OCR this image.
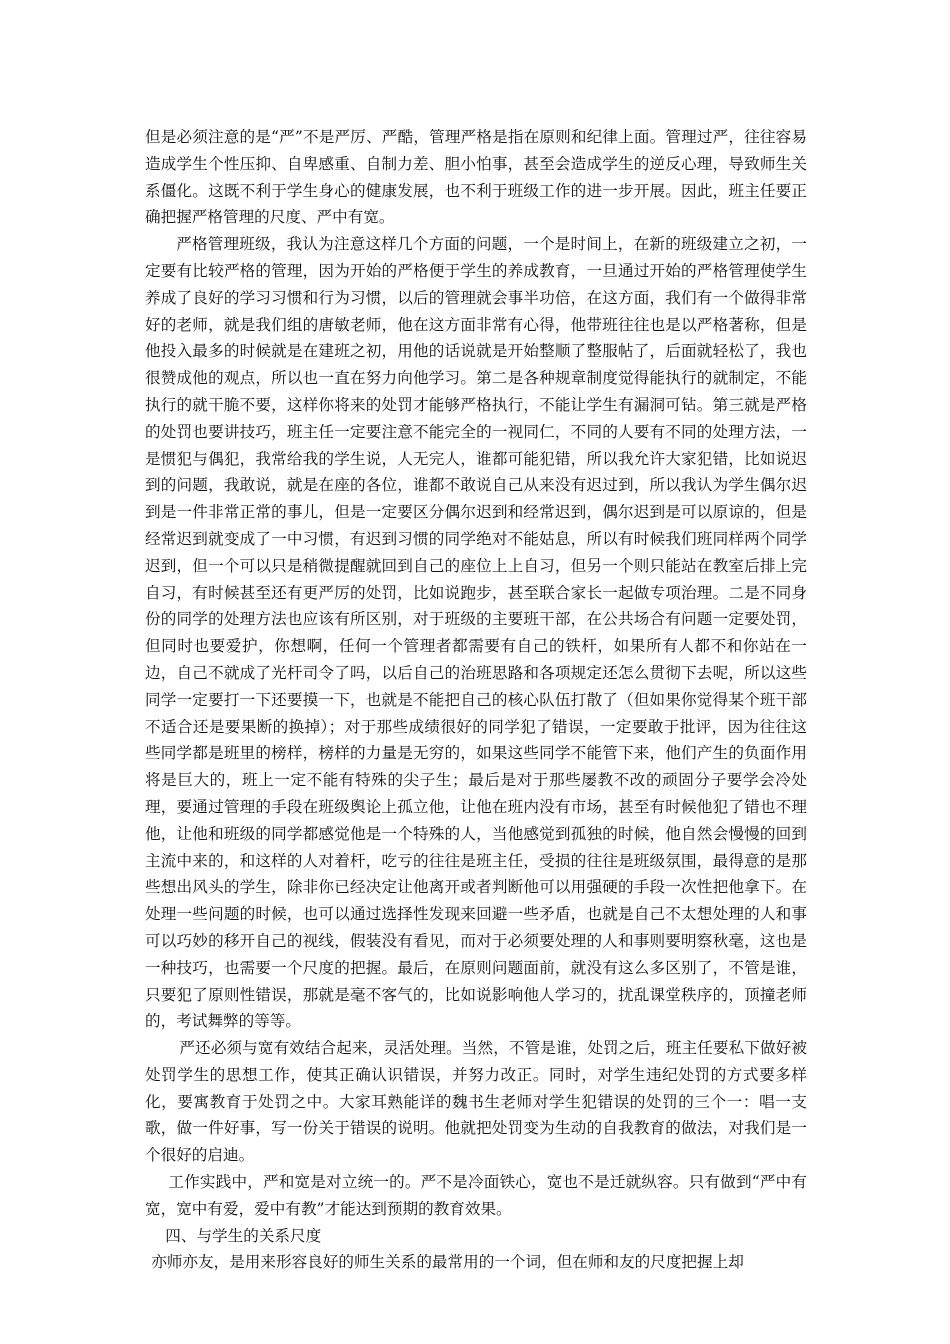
但是必须注意的是“严”不是严厉、严酷，管理严格是指在原则和纪律上面。管理过严，往往容易造成学生个性压抑、自卑感重、自制力差、胆小怕事，甚至会造成学生的逆反心理，导致师生关系僵化。这既不利于学生身心的健康发展，也不利于班级工作的进一步开展。因此，班主任要正确把握严格管理的尺度、严中有宽。

严格管理班级，我认为注意这样几个方面的问题，一个是时间上，在新的班级建立之初，一定要有比较严格的管理，因为开始的严格便于学生的养成教育，一旦通过开始的严格管理使学生养成了良好的学习习惯和行为习惯，以后的管理就会事半功倍，在这方面，我们有一个做得非常好的老师，就是我们组的唐敏老师，他在这方面非常有心得，他带班往往也是以严格著称，但是他投入最多的时候就是在建班之初，用他的话说就是开始整顺了整服帖了，后面就轻松了，我也很赞成他的观点，所以也一直在努力向他学习。第二是各种规章制度觉得能执行的就制定，不能执行的就干脆不要，这样你将来的处罚才能够严格执行，不能让学生有漏洞可钻。第三就是严格的处罚也要讲技巧，班主任一定要注意不能完全的一视同仁，不同的人要有不同的处理方法，一是惯犯与偶犯，我常给我的学生说，人无完人，谁都可能犯错，所以我允许大家犯错，比如说迟到的问题，我敢说，就是在座的各位，谁都不敢说自己从来没有迟过到，所以我认为学生偶尔迟到是一件非常正常的事儿，但是一定要区分偶尔迟到和经常迟到，偶尔迟到是可以原谅的，但是经常迟到就变成了一中习惯，有迟到习惯的同学绝对不能姑息，所以有时候我们班同样两个同学迟到，但一个可以只是稍微提醒就回到自己的座位上上自习，但另一个则只能站在教室后排上完自习，有时候甚至还有更严厉的处罚，比如说跑步，甚至联合家长一起做专项治理。二是不同身份的同学的处理方法也应该有所区别，对于班级的主要班干部，在公共场合有问题一定要处罚，但同时也要爱护，你想啊，任何一个管理者都需要有自己的铁杆，如果所有人都不和你站在一边，自己不就成了光杆司令了吗，以后自己的治班思路和各项规定还怎么贯彻下去呢，所以这些同学一定要打一下还要摸一下，也就是不能把自己的核心队伍打散了（但如果你觉得某个班干部不适合还是要果断的换掉）；对于那些成绩很好的同学犯了错误，一定要敢于批评，因为往往这些同学都是班里的榜样，榜样的力量是无穷的，如果这些同学不能管下来，他们产生的负面作用将是巨大的，班上一定不能有特殊的尖子生；最后是对于那些屡教不改的顽固分子要学会冷处理，要通过管理的手段在班级舆论上孤立他，让他在班内没有市场，甚至有时候他犯了错也不理他，让他和班级的同学都感觉他是一个特殊的人，当他感觉到孤独的时候，他自然会慢慢的回到主流中来的，和这样的人对着杆，吃亏的往往是班主任，受损的往往是班级氛围，最得意的是那些想出风头的学生，除非你已经决定让他离开或者判断他可以用强硬的手段一次性把他拿下。在处理一些问题的时候，也可以通过选择性发现来回避一些矛盾，也就是自己不太想处理的人和事可以巧妙的移开自己的视线，假装没有看见，而对于必须要处理的人和事则要明察秋毫，这也是一种技巧，也需要一个尺度的把握。最后，在原则问题面前，就没有这么多区别了，不管是谁，只要犯了原则性错误，那就是毫不客气的，比如说影响他人学习的，扰乱课堂秩序的，顶撞老师的，考试舞弊的等等。

严还必须与宽有效结合起来，灵活处理。当然，不管是谁，处罚之后，班主任要私下做好被处罚学生的思想工作，使其正确认识错误，并努力改正。同时，对学生违纪处罚的方式要多样化，要寓教育于处罚之中。大家耳熟能详的魏书生老师对学生犯错误的处罚的三个一：唱一支歌，做一件好事，写一份关于错误的说明。他就把处罚变为生动的自我教育的做法，对我们是一个很好的启迪。

工作实践中，严和宽是对立统一的。严不是冷面铁心，宽也不是迁就纵容。只有做到“严中有宽，宽中有爱，爱中有教”才能达到预期的教育效果。

四、与学生的关系尺度

亦师亦友，是用来形容良好的师生关系的最常用的一个词，但在师和友的尺度把握上却
